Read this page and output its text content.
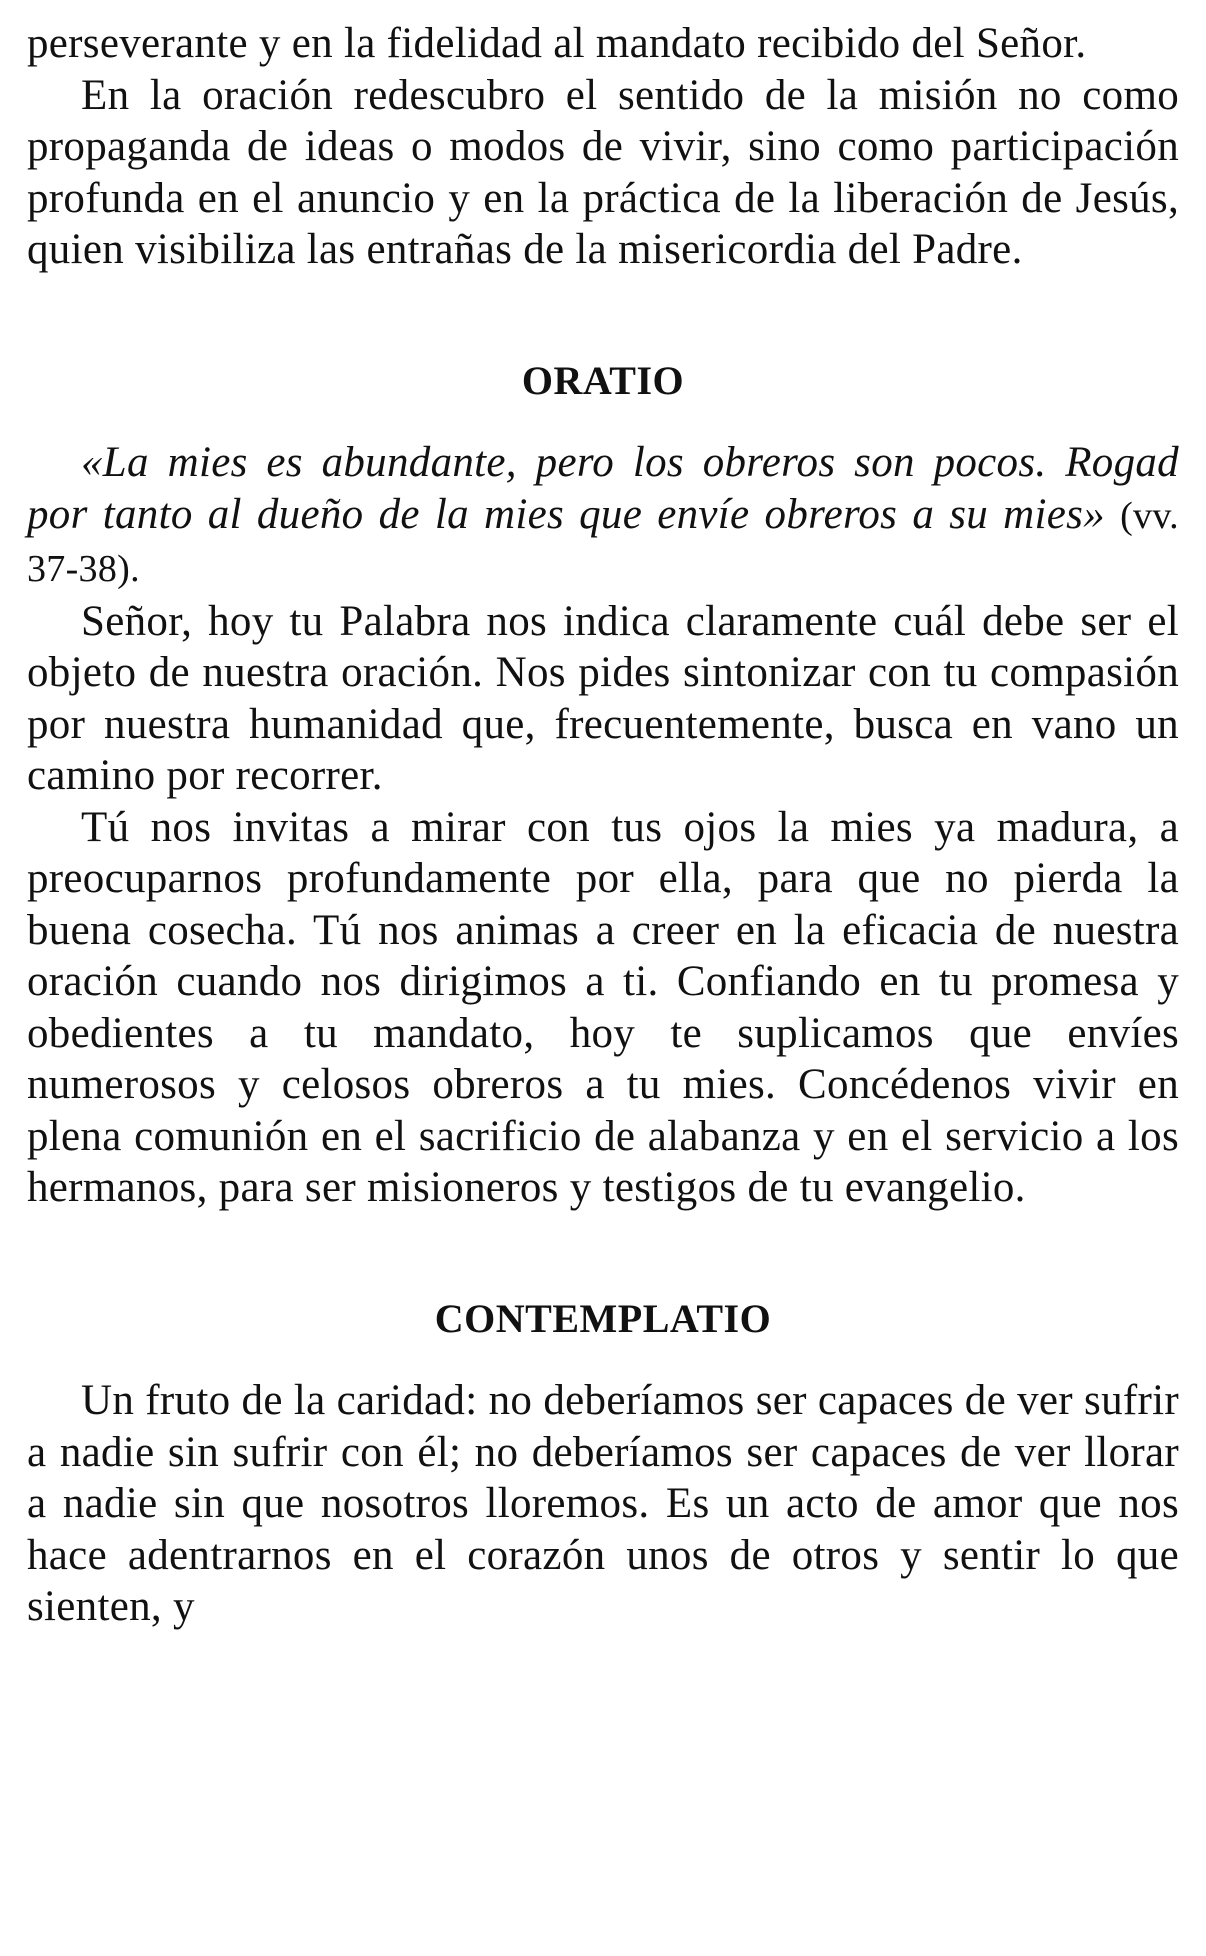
perseverante y en la fidelidad al mandato recibido del Señor.

En la oración redescubro el sentido de la misión no como propaganda de ideas o modos de vivir, sino como participación profunda en el anuncio y en la práctica de la liberación de Jesús, quien visibiliza las entrañas de la misericordia del Padre.

ORATIO

«La mies es abundante, pero los obreros son pocos. Rogad por tanto al dueño de la mies que envíe obreros a su mies» (vv. 37-38).

Señor, hoy tu Palabra nos indica claramente cuál debe ser el objeto de nuestra oración. Nos pides sintonizar con tu compasión por nuestra humanidad que, frecuentemente, busca en vano un camino por recorrer.

Tú nos invitas a mirar con tus ojos la mies ya madura, a preocuparnos profundamente por ella, para que no pierda la buena cosecha. Tú nos animas a creer en la eficacia de nuestra oración cuando nos dirigimos a ti. Confiando en tu promesa y obedientes a tu mandato, hoy te suplicamos que envíes numerosos y celosos obreros a tu mies. Concédenos vivir en plena comunión en el sacrificio de alabanza y en el servicio a los hermanos, para ser misioneros y testigos de tu evangelio.

CONTEMPLATIO

Un fruto de la caridad: no deberíamos ser capaces de ver sufrir a nadie sin sufrir con él; no deberíamos ser capaces de ver llorar a nadie sin que nosotros lloremos. Es un acto de amor que nos hace adentrarnos en el corazón unos de otros y sentir lo que sienten, y
